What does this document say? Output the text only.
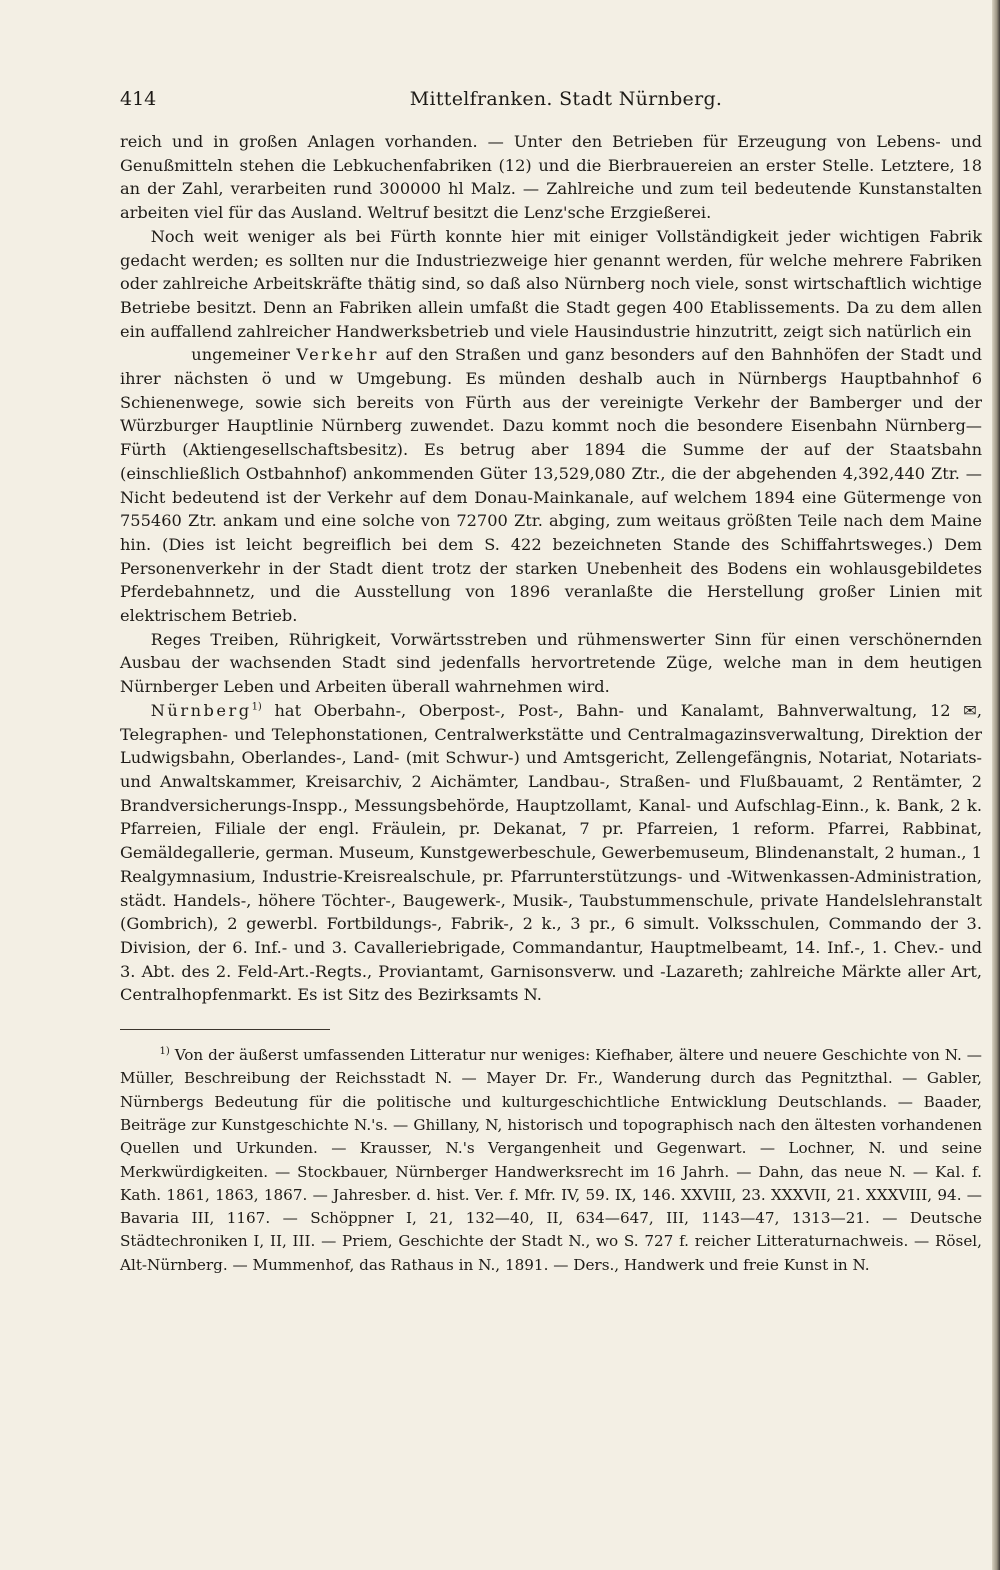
414	Mittelfranken. Stadt Nürnberg.

reich und in großen Anlagen vorhanden. — Unter den Betrieben für Erzeugung von Lebens- und Genußmitteln stehen die Lebkuchenfabriken (12) und die Bierbrauereien an erster Stelle. Letztere, 18 an der Zahl, verarbeiten rund 300000 hl Malz. — Zahlreiche und zum teil bedeutende Kunstanstalten arbeiten viel für das Ausland. Weltruf besitzt die Lenz'sche Erzgießerei.

Noch weit weniger als bei Fürth konnte hier mit einiger Vollständigkeit jeder wichtigen Fabrik gedacht werden; es sollten nur die Industriezweige hier genannt werden, für welche mehrere Fabriken oder zahlreiche Arbeitskräfte thätig sind, so daß also Nürnberg noch viele, sonst wirtschaftlich wichtige Betriebe besitzt. Denn an Fabriken allein umfaßt die Stadt gegen 400 Etablissements. Da zu dem allen ein auffallend zahlreicher Handwerksbetrieb und viele Hausindustrie hinzutritt, zeigt sich natürlich ein

ungemeiner Verkehr auf den Straßen und ganz besonders auf den Bahnhöfen der Stadt und ihrer nächsten ö und w Umgebung. Es münden deshalb auch in Nürnbergs Hauptbahnhof 6 Schienenwege, sowie sich bereits von Fürth aus der vereinigte Verkehr der Bamberger und der Würzburger Hauptlinie Nürnberg zuwendet. Dazu kommt noch die besondere Eisenbahn Nürnberg—Fürth (Aktiengesellschaftsbesitz). Es betrug aber 1894 die Summe der auf der Staatsbahn (einschließlich Ostbahnhof) ankommenden Güter 13,529,080 Ztr., die der abgehenden 4,392,440 Ztr. — Nicht bedeutend ist der Verkehr auf dem Donau-Mainkanale, auf welchem 1894 eine Gütermenge von 755460 Ztr. ankam und eine solche von 72700 Ztr. abging, zum weitaus größten Teile nach dem Maine hin. (Dies ist leicht begreiflich bei dem S. 422 bezeichneten Stande des Schiffahrtsweges.) Dem Personenverkehr in der Stadt dient trotz der starken Unebenheit des Bodens ein wohlausgebildetes Pferdebahnnetz, und die Ausstellung von 1896 veranlaßte die Herstellung großer Linien mit elektrischem Betrieb.

Reges Treiben, Rührigkeit, Vorwärtsstreben und rühmenswerter Sinn für einen verschönernden Ausbau der wachsenden Stadt sind jedenfalls hervortretende Züge, welche man in dem heutigen Nürnberger Leben und Arbeiten überall wahrnehmen wird.

Nürnberg$^{1)}$ hat Oberbahn-, Oberpost-, Post-, Bahn- und Kanalamt, Bahnverwaltung, 12 ✉, Telegraphen- und Telephonstationen, Centralwerkstätte und Centralmagazinsverwaltung, Direktion der Ludwigsbahn, Oberlandes-, Land- (mit Schwur-) und Amtsgericht, Zellengefängnis, Notariat, Notariats- und Anwaltskammer, Kreisarchiv, 2 Aichämter, Landbau-, Straßen- und Flußbauamt, 2 Rentämter, 2 Brandversicherungs-Inspp., Messungsbehörde, Hauptzollamt, Kanal- und Aufschlag-Einn., k. Bank, 2 k. Pfarreien, Filiale der engl. Fräulein, pr. Dekanat, 7 pr. Pfarreien, 1 reform. Pfarrei, Rabbinat, Gemäldegallerie, german. Museum, Kunstgewerbeschule, Gewerbemuseum, Blindenanstalt, 2 human., 1 Realgymnasium, Industrie-Kreisrealschule, pr. Pfarrunterstützungs- und -Witwenkassen-Administration, städt. Handels-, höhere Töchter-, Baugewerk-, Musik-, Taubstummenschule, private Handelslehranstalt (Gombrich), 2 gewerbl. Fortbildungs-, Fabrik-, 2 k., 3 pr., 6 simult. Volksschulen, Commando der 3. Division, der 6. Inf.- und 3. Cavalleriebrigade, Commandantur, Hauptmelbeamt, 14. Inf.-, 1. Chev.- und 3. Abt. des 2. Feld-Art.-Regts., Proviantamt, Garnisonsverw. und -Lazareth; zahlreiche Märkte aller Art, Centralhopfenmarkt. Es ist Sitz des Bezirksamts N.

$^{1)}$ Von der äußerst umfassenden Litteratur nur weniges: Kiefhaber, ältere und neuere Geschichte von N. — Müller, Beschreibung der Reichsstadt N. — Mayer Dr. Fr., Wanderung durch das Pegnitzthal. — Gabler, Nürnbergs Bedeutung für die politische und kulturgeschichtliche Entwicklung Deutschlands. — Baader, Beiträge zur Kunstgeschichte N.'s. — Ghillany, N, historisch und topographisch nach den ältesten vorhandenen Quellen und Urkunden. — Krausser, N.'s Vergangenheit und Gegenwart. — Lochner, N. und seine Merkwürdigkeiten. — Stockbauer, Nürnberger Handwerksrecht im 16 Jahrh. — Dahn, das neue N. — Kal. f. Kath. 1861, 1863, 1867. — Jahresber. d. hist. Ver. f. Mfr. IV, 59. IX, 146. XXVIII, 23. XXXVII, 21. XXXVIII, 94. — Bavaria III, 1167. — Schöppner I, 21, 132—40, II, 634—647, III, 1143—47, 1313—21. — Deutsche Städtechroniken I, II, III. — Priem, Geschichte der Stadt N., wo S. 727 f. reicher Litteraturnachweis. — Rösel, Alt-Nürnberg. — Mummenhof, das Rathaus in N., 1891. — Ders., Handwerk und freie Kunst in N.
